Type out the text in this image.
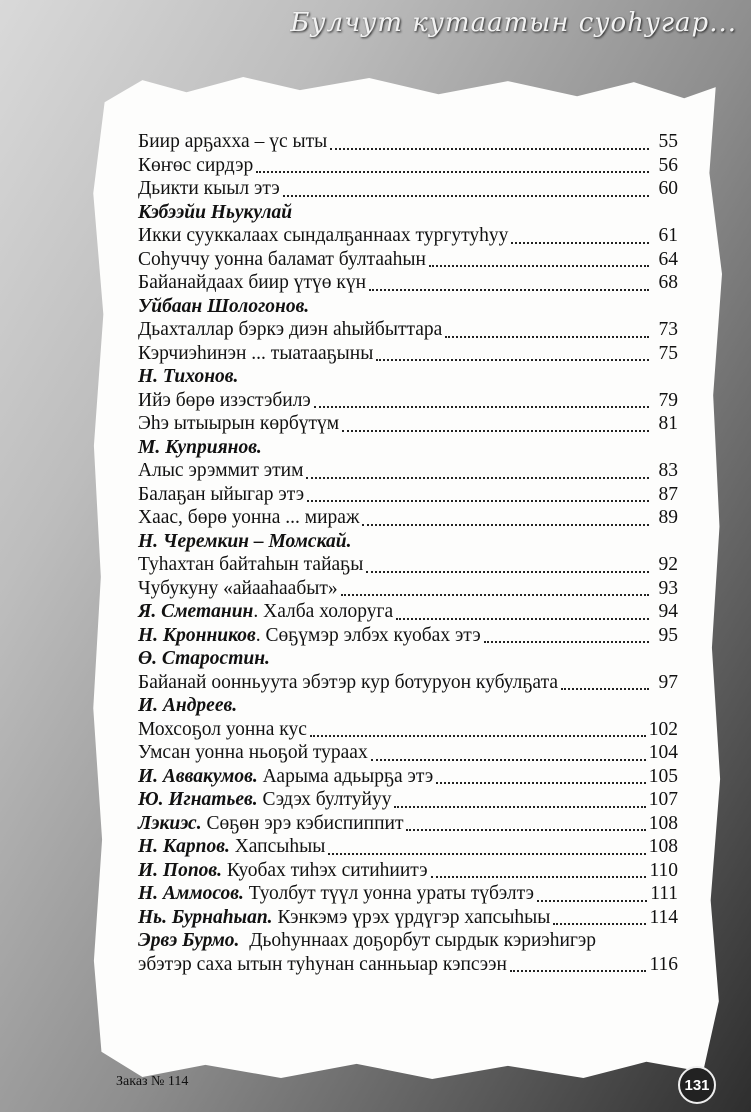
Булчут кутаатын суоһугар...
Биир арҕахха – үс ыты	55
Көҥөс сирдэр	56
Дьикти кыыл этэ	60
Кэбээйи Ньукулай
Икки сууккалаах сындалҕаннаах тургутуһуу	61
Соһуччу уонна баламат бултааһын	64
Байанайдаах биир үтүө күн	68
Уйбаан Шологонов.
Дьахталлар бэркэ диэн аһыйбыттара	73
Кэрчиэһинэн ... тыатааҕыны	75
Н. Тихонов.
Ийэ бөрө изэстэбилэ	79
Эһэ ытыырын көрбүтүм	81
М. Куприянов.
Алыс эрэммит этим	83
Балаҕан ыйыгар этэ	87
Хаас, бөрө уонна ... мираж	89
Н. Черемкин – Момскай.
Туһахтан байтаһын тайаҕы	92
Чубукуну «айааһаабыт»	93
Я. Сметанин . Халба холоруга	94
Н. Кронников . Сөҕүмэр элбэх куобах этэ	95
Ө. Старостин.
Байанай оонньуута эбэтэр кур ботуруон кубулҕата	97
И. Андреев.
Мохсоҕол уонна кус	102
Умсан уонна ньоҕой тураах	104
И. Аввакумов. Аарыма адьырҕа этэ	105
Ю. Игнатьев. Сэдэх бултуйуу	107
Лэкиэс. Сөҕөн эрэ кэбиспиппит	108
Н. Карпов. Хапсыһыы	108
И. Попов. Куобах тиһэх ситиһиитэ	110
Н. Аммосов. Туолбут түүл уонна ураты түбэлтэ	111
Нь. Бурнаһыап. Кэнкэмэ үрэх үрдүгэр хапсыһыы	114
Эрвэ Бурмо.  Дьоһуннаах доҕорбут сырдык кэриэһигэр
эбэтэр саха ытын туһунан санньыар кэпсээн	116
Заказ № 114	131
